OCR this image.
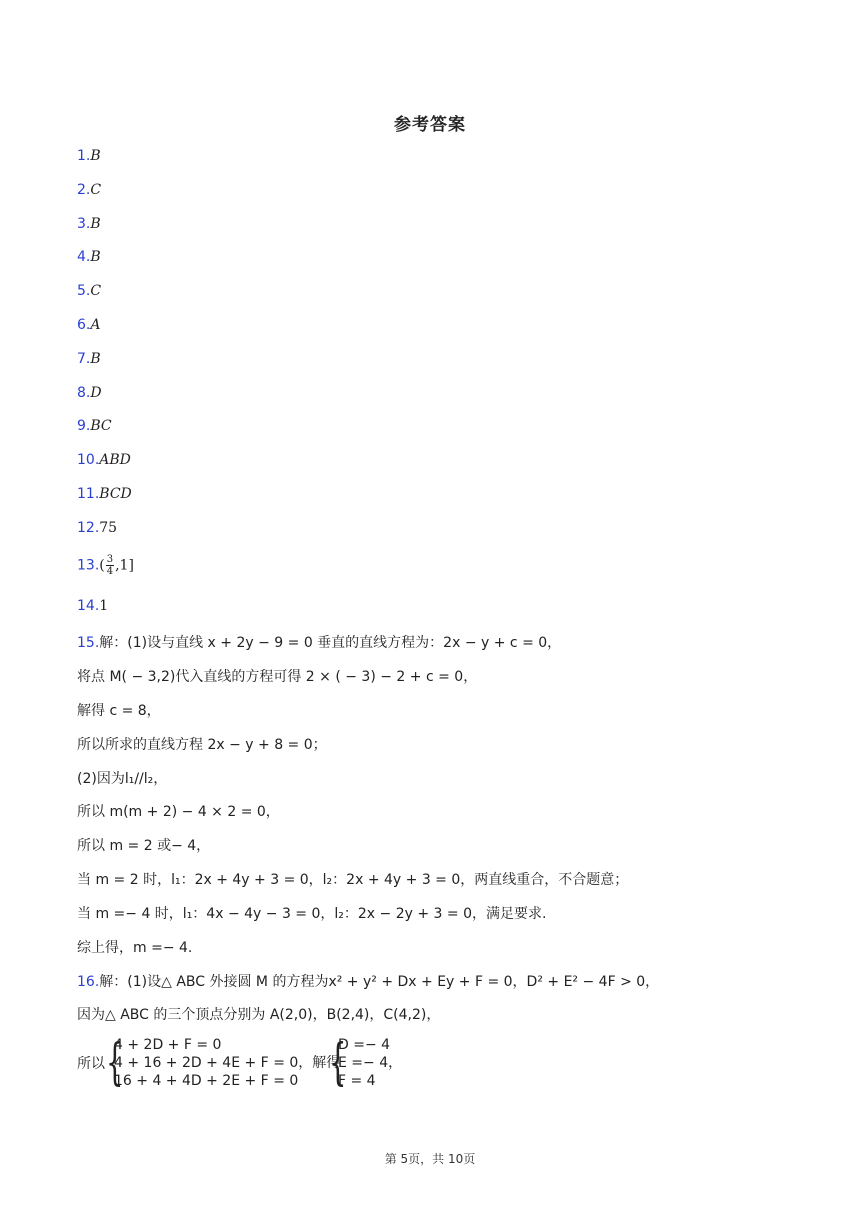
参考答案
1.B
2.C
3.B
4.B
5.C
6.A
7.B
8.D
9.BC
10.ABD
11.BCD
12.75
$13.( \frac{3}{4} ,1]$
14.1
15.解：(1)设与直线 x + 2y − 9 = 0 垂直的直线方程为：2x − y + c = 0，
将点 M( − 3,2)代入直线的方程可得 2 × ( − 3) − 2 + c = 0，
解得 c = 8，
所以所求的直线方程 2x − y + 8 = 0；
(2)因为l₁//l₂，
所以 m(m + 2) − 4 × 2 = 0，
所以 m = 2 或− 4，
当 m = 2 时，l₁：2x + 4y + 3 = 0，l₂：2x + 4y + 3 = 0，两直线重合，不合题意；
当 m =− 4 时，l₁：4x − 4y − 3 = 0，l₂：2x − 2y + 3 = 0，满足要求.
综上得，m =− 4.
16.解：(1)设△ ABC 外接圆 M 的方程为x² + y² + Dx + Ey + F = 0，D² + E² − 4F > 0，
因为△ ABC 的三个顶点分别为 A(2,0)，B(2,4)，C(4,2)，
所以 {
4 + 2D + F = 0
4 + 16 + 2D + 4E + F = 0，解得
16 + 4 + 4D + 2E + F = 0 {
D =− 4
E =− 4，
F = 4
第 5页，共 10页
